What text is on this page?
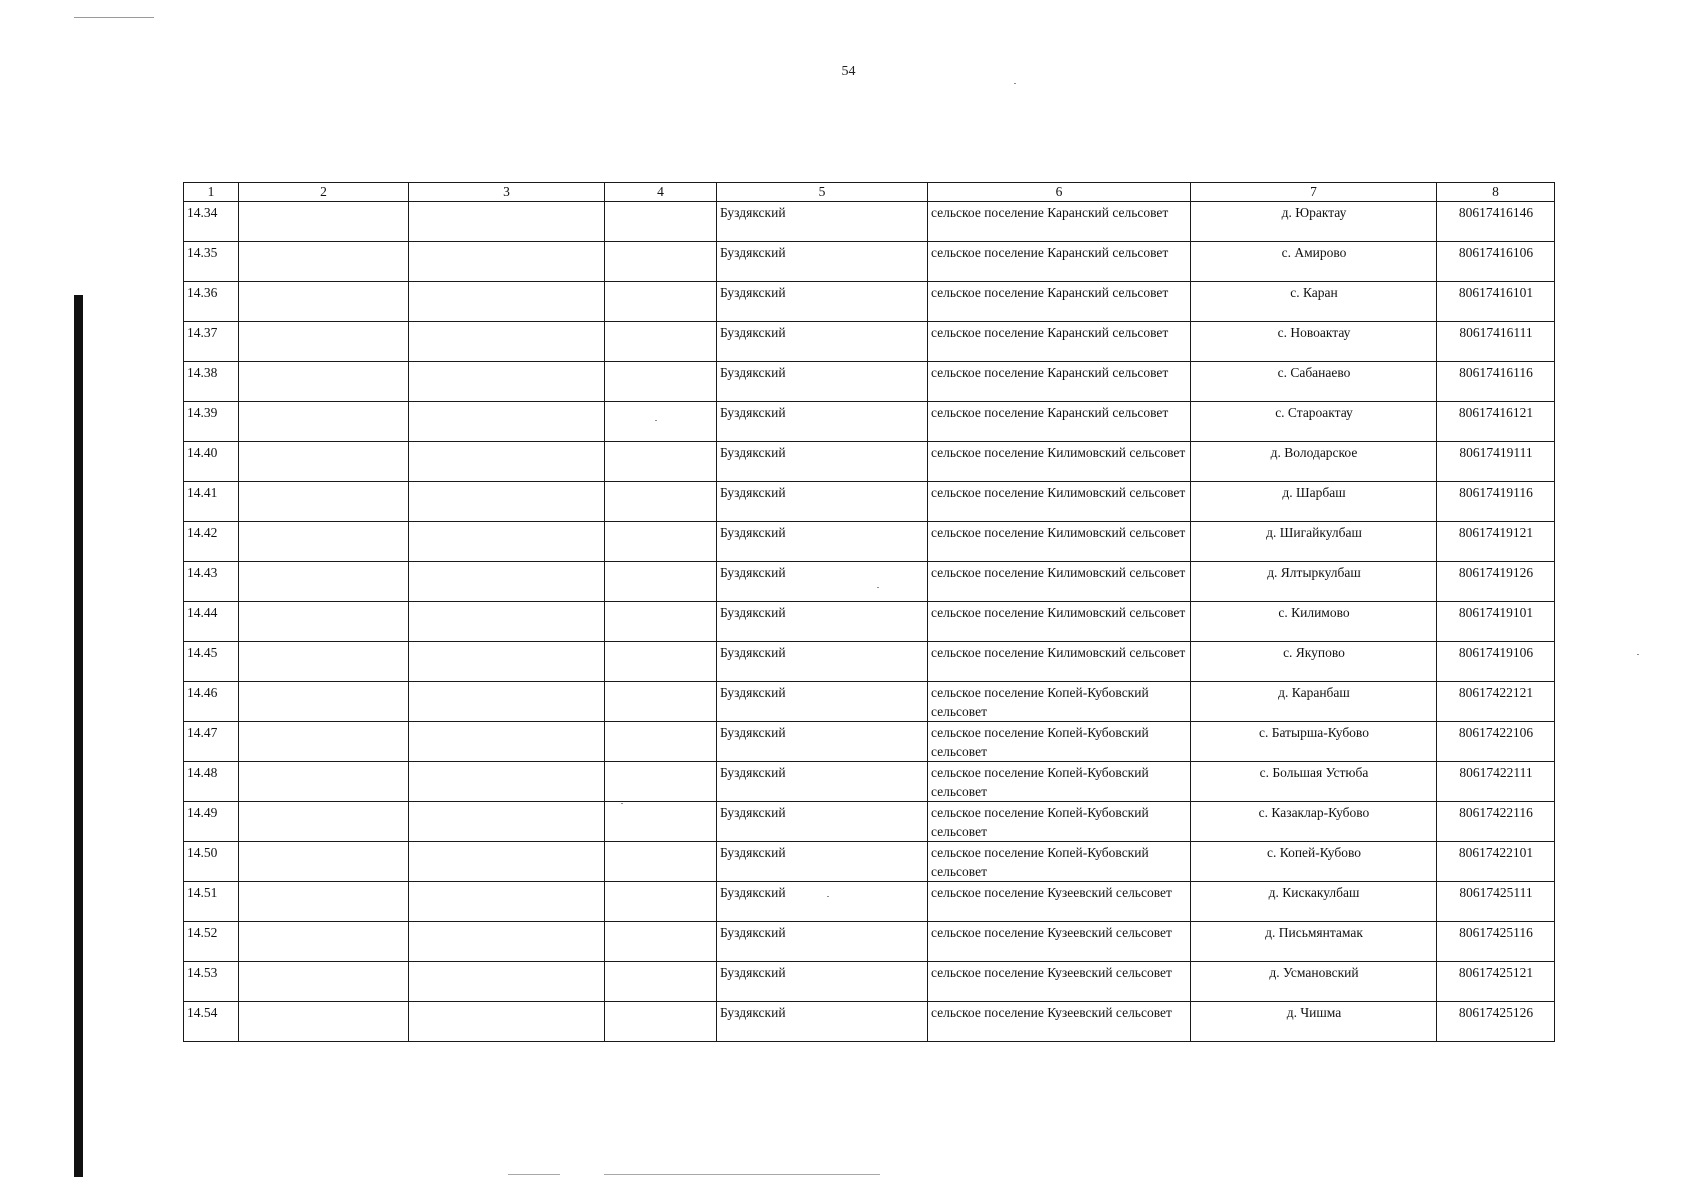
54
1	2	3	4	5	6	7	8
14.34				Буздякский	сельское поселение Каранский сельсовет	д. Юрактау	80617416146
14.35				Буздякский	сельское поселение Каранский сельсовет	с. Амирово	80617416106
14.36				Буздякский	сельское поселение Каранский сельсовет	с. Каран	80617416101
14.37				Буздякский	сельское поселение Каранский сельсовет	с. Новоактау	80617416111
14.38				Буздякский	сельское поселение Каранский сельсовет	с. Сабанаево	80617416116
14.39				Буздякский	сельское поселение Каранский сельсовет	с. Староактау	80617416121
14.40				Буздякский	сельское поселение Килимовский сельсовет	д. Володарское	80617419111
14.41				Буздякский	сельское поселение Килимовский сельсовет	д. Шарбаш	80617419116
14.42				Буздякский	сельское поселение Килимовский сельсовет	д. Шигайкулбаш	80617419121
14.43				Буздякский	сельское поселение Килимовский сельсовет	д. Ялтыркулбаш	80617419126
14.44				Буздякский	сельское поселение Килимовский сельсовет	с. Килимово	80617419101
14.45				Буздякский	сельское поселение Килимовский сельсовет	с. Якупово	80617419106
14.46				Буздякский	сельское поселение Копей-Кубовский сельсовет	д. Каранбаш	80617422121
14.47				Буздякский	сельское поселение Копей-Кубовский сельсовет	с. Батырша-Кубово	80617422106
14.48				Буздякский	сельское поселение Копей-Кубовский сельсовет	с. Большая Устюба	80617422111
14.49				Буздякский	сельское поселение Копей-Кубовский сельсовет	с. Казаклар-Кубово	80617422116
14.50				Буздякский	сельское поселение Копей-Кубовский сельсовет	с. Копей-Кубово	80617422101
14.51				Буздякский	сельское поселение Кузеевский сельсовет	д. Кискакулбаш	80617425111
14.52				Буздякский	сельское поселение Кузеевский сельсовет	д. Письмянтамак	80617425116
14.53				Буздякский	сельское поселение Кузеевский сельсовет	д. Усмановский	80617425121
14.54				Буздякский	сельское поселение Кузеевский сельсовет	д. Чишма	80617425126
